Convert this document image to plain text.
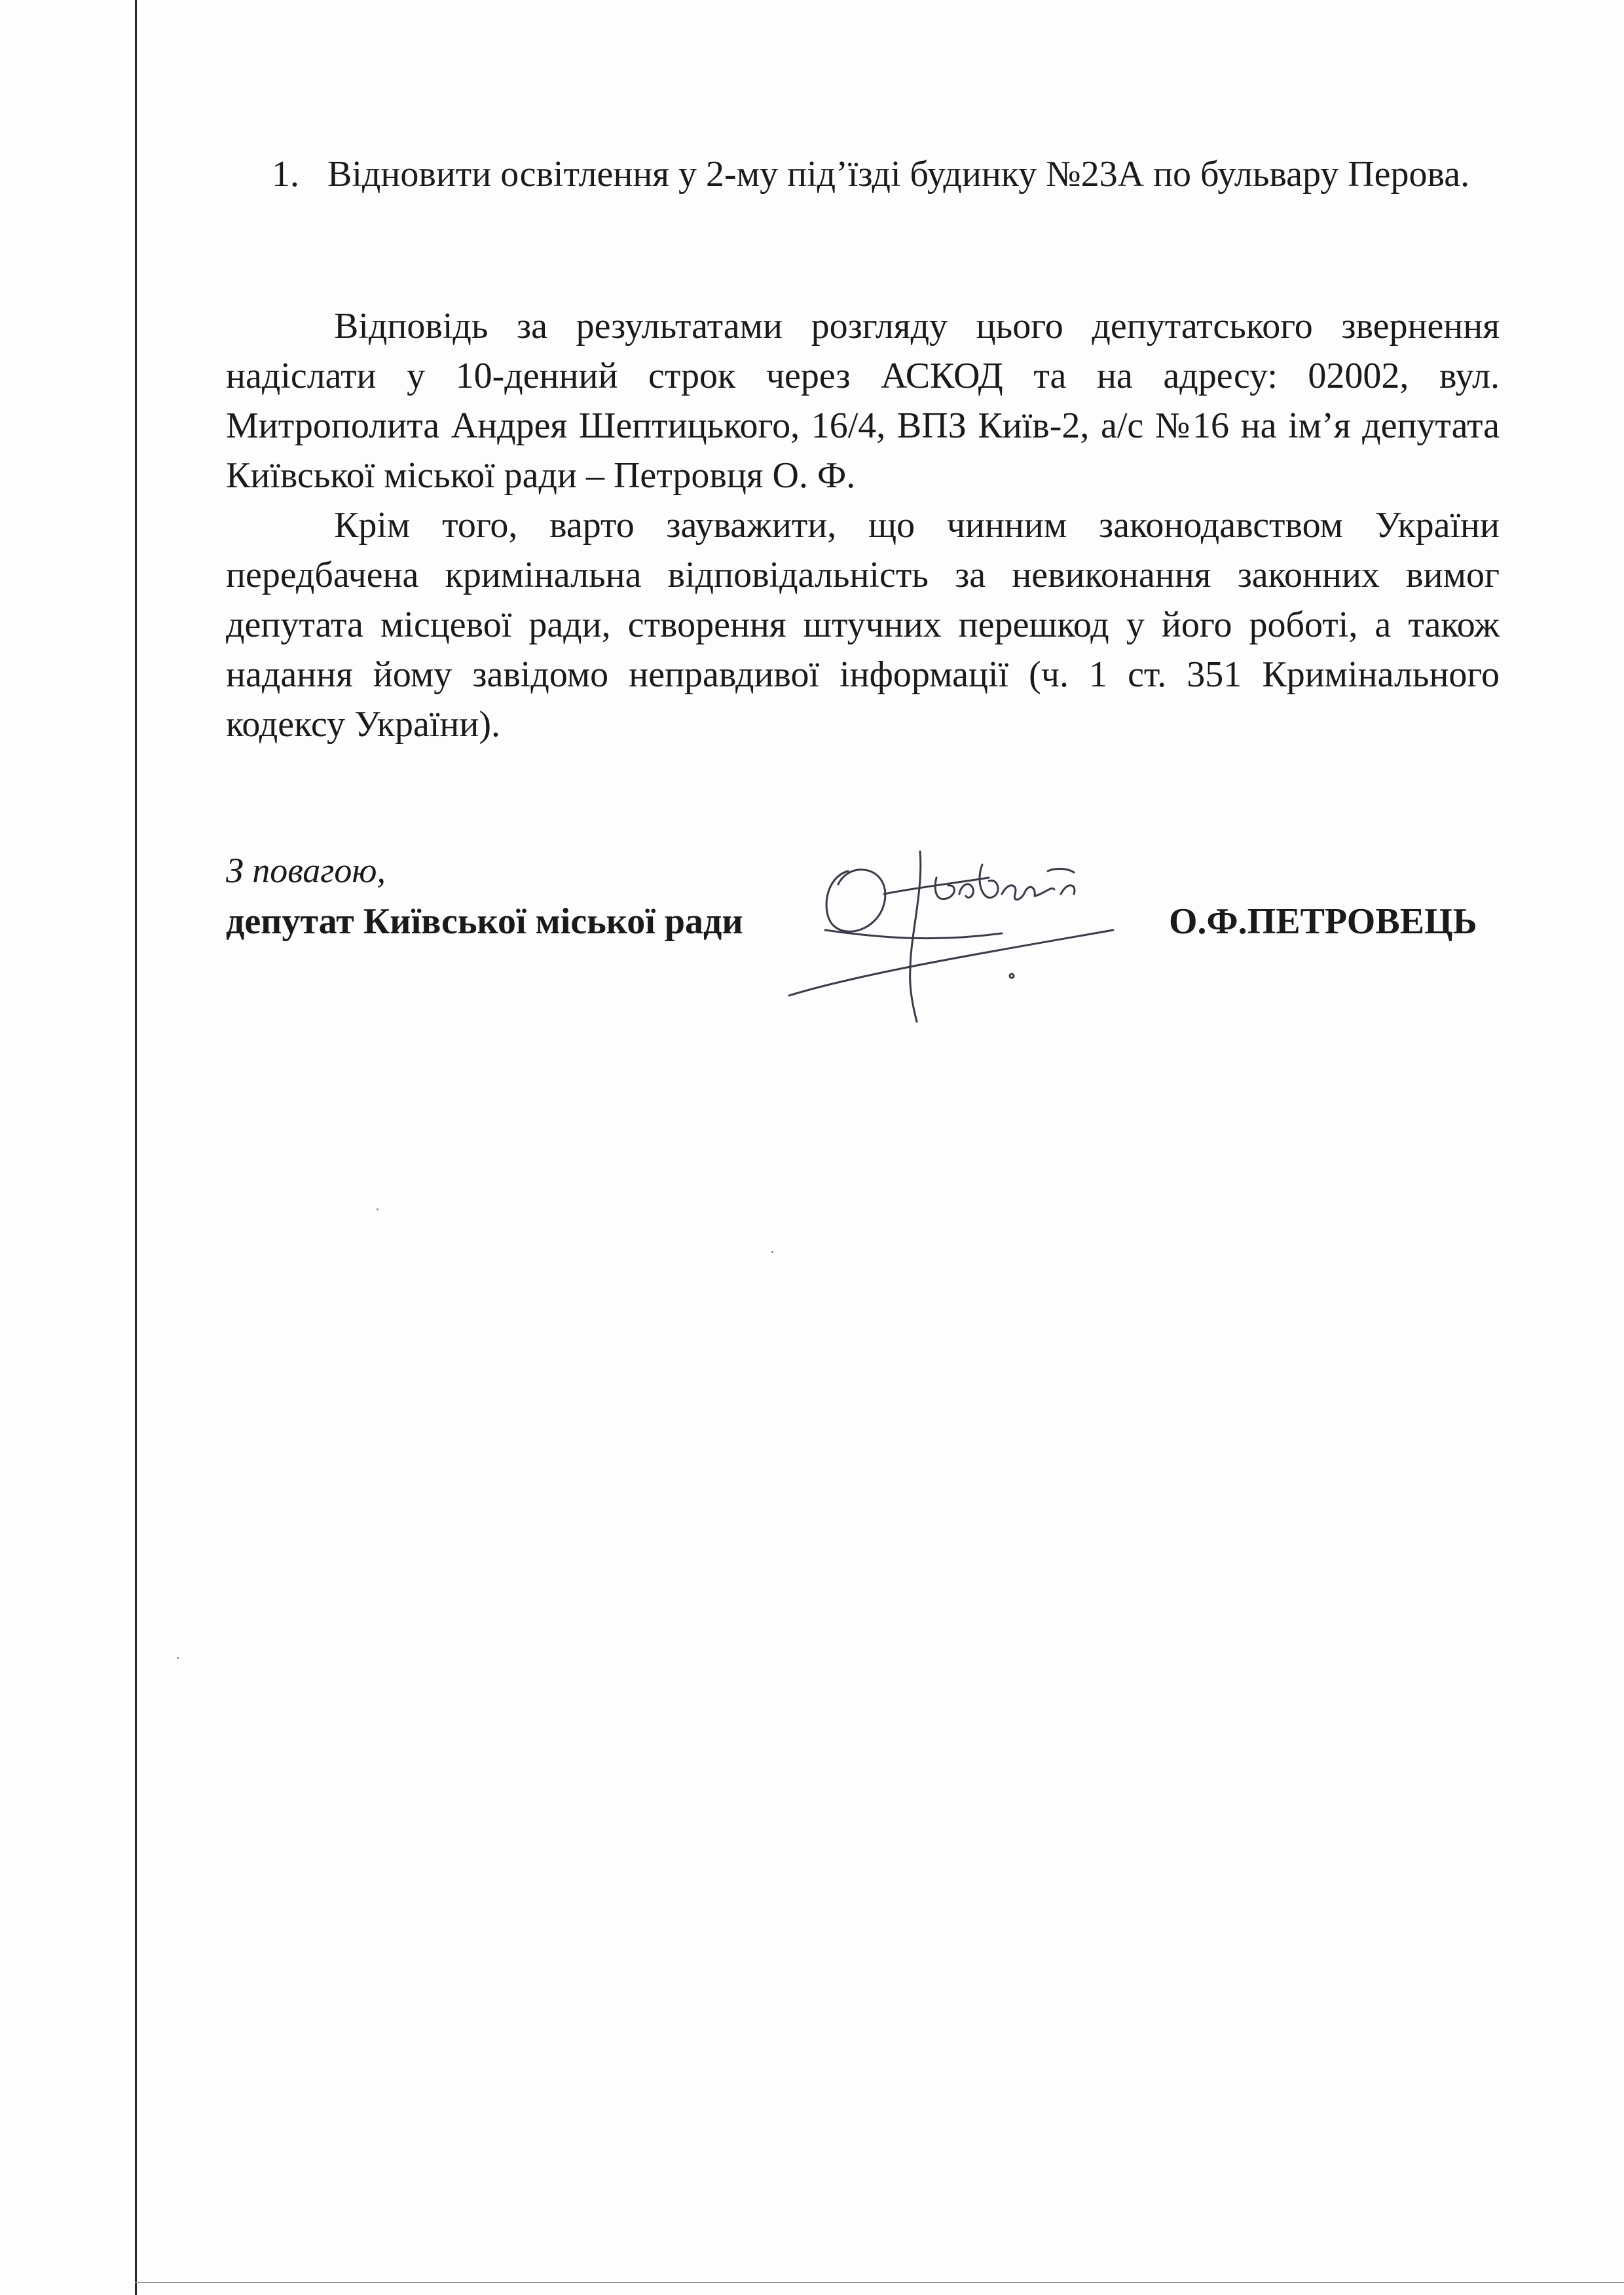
1. Відновити освітлення у 2-му під’їзді будинку №23А по бульвару Перова.

Відповідь за результатами розгляду цього депутатського звернення надіслати у 10-денний строк через АСКОД та на адресу: 02002, вул. Митрополита Андрея Шептицького, 16/4, ВПЗ Київ-2, а/с №16 на ім’я депутата Київської міської ради – Петровця О. Ф.

Крім того, варто зауважити, що чинним законодавством України передбачена кримінальна відповідальність за невиконання законних вимог депутата місцевої ради, створення штучних перешкод у його роботі, а також надання йому завідомо неправдивої інформації (ч. 1 ст. 351 Кримінального кодексу України).

З повагою,
депутат Київської міської ради	О.Ф.ПЕТРОВЕЦЬ
